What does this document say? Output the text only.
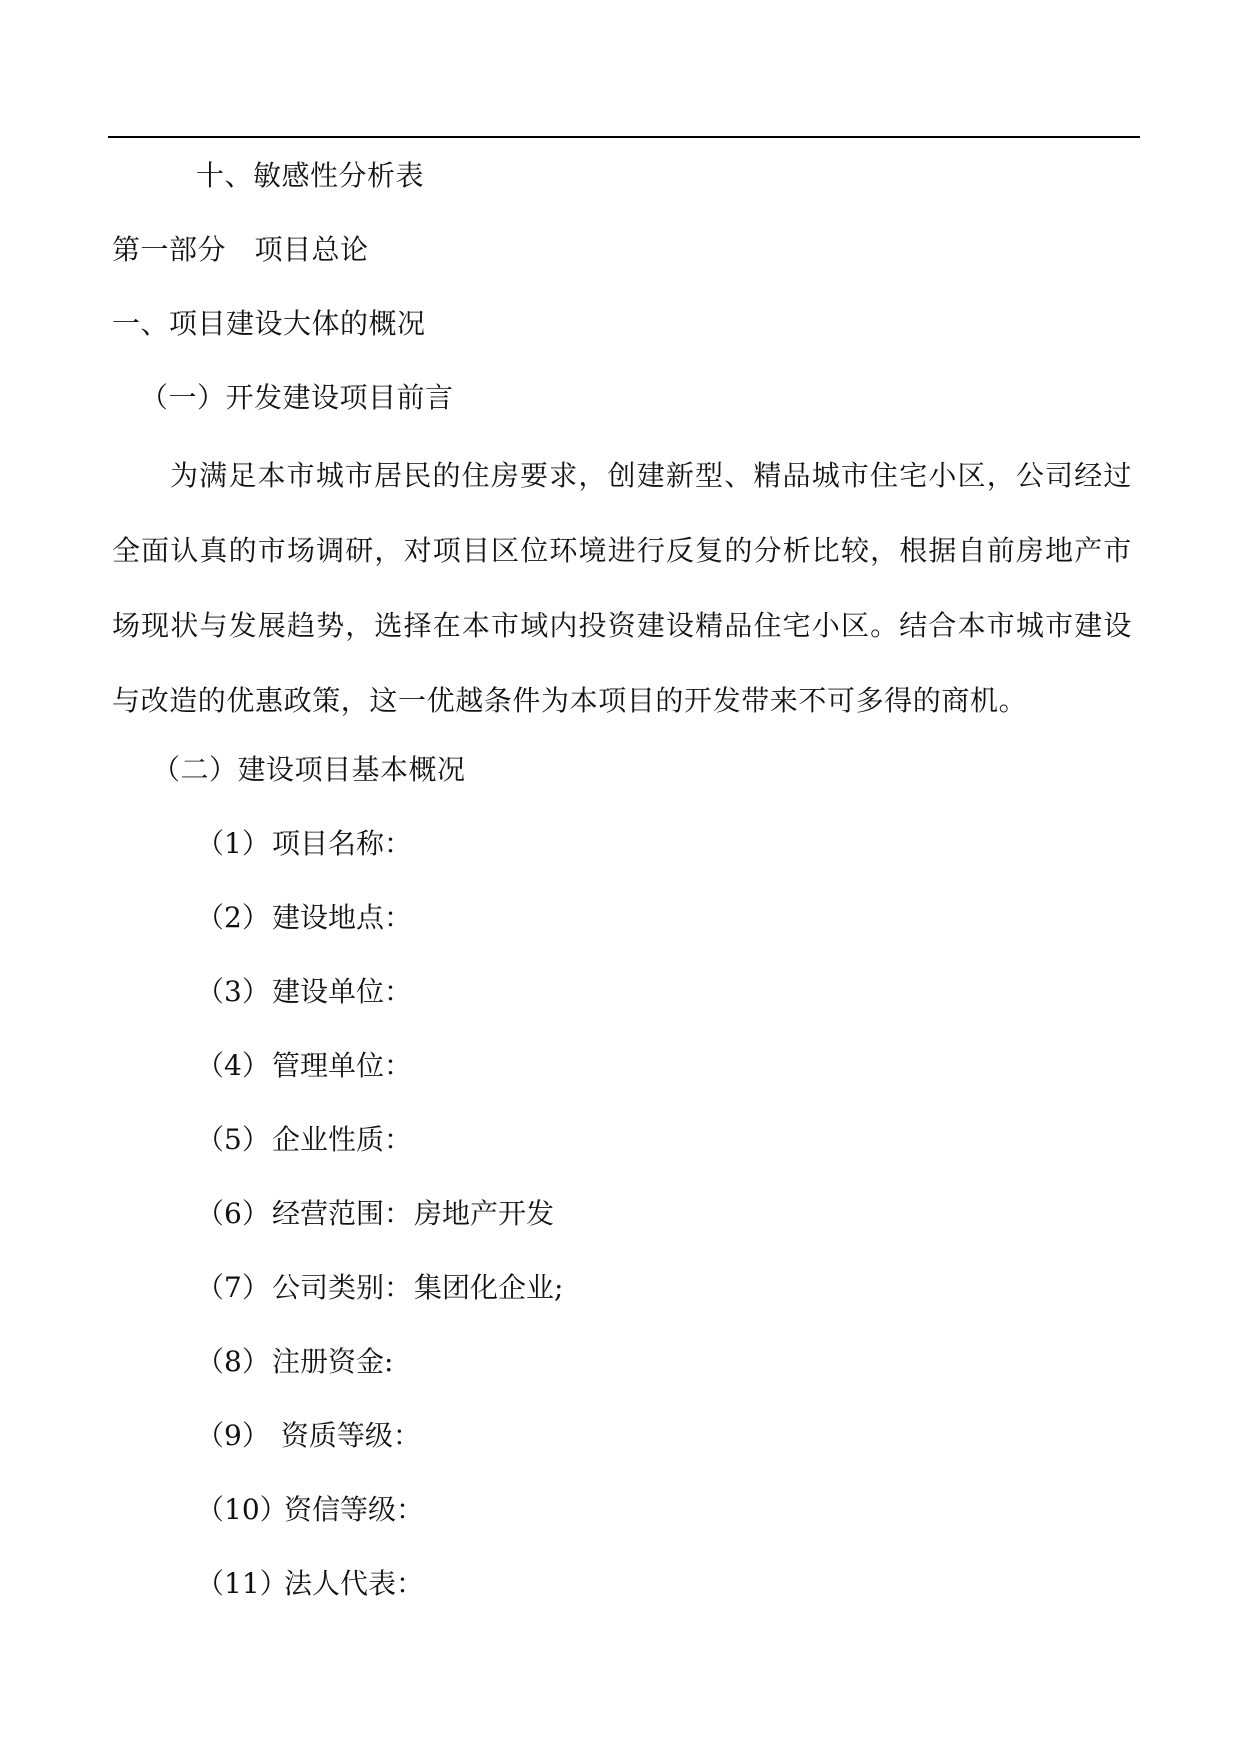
十、敏感性分析表
第一部分　项目总论
一、项目建设大体的概况
（一）开发建设项目前言
为满足本市城市居民的住房要求，创建新型、精品城市住宅小区，公司经过全面认真的市场调研，对项目区位环境进行反复的分析比较，根据自前房地产市场现状与发展趋势，选择在本市域内投资建设精品住宅小区。结合本市城市建设与改造的优惠政策，这一优越条件为本项目的开发带来不可多得的商机。
（二）建设项目基本概况
（1）项目名称：
（2）建设地点：
（3）建设单位：
（4）管理单位：
（5）企业性质：
（6）经营范围：房地产开发
（7）公司类别：集团化企业;
（8）注册资金:
（9） 资质等级：
（10）资信等级：
（11）法人代表：
